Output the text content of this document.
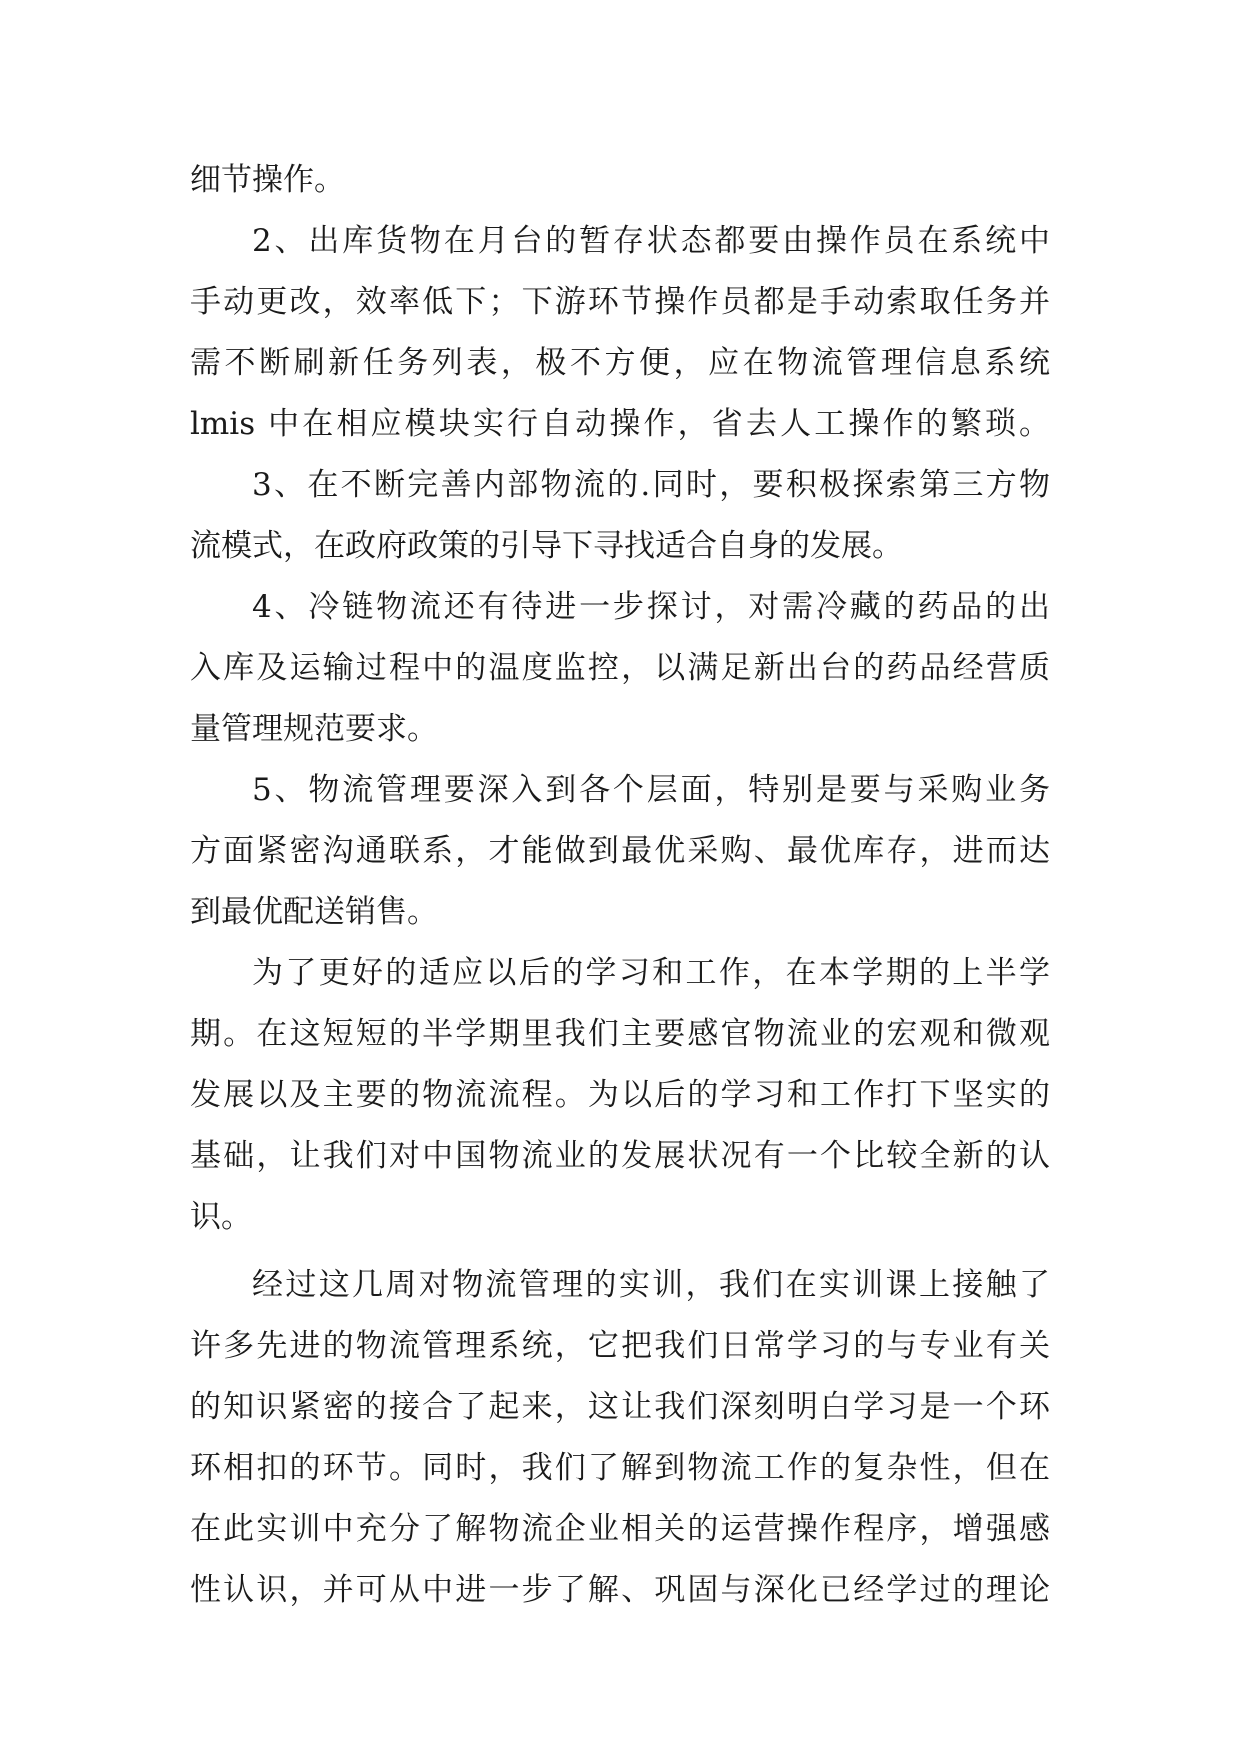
细节操作。
2、出库货物在月台的暂存状态都要由操作员在系统中
手动更改，效率低下；下游环节操作员都是手动索取任务并
需不断刷新任务列表，极不方便，应在物流管理信息系统
lmis 中在相应模块实行自动操作，省去人工操作的繁琐。
3、在不断完善内部物流的.同时，要积极探索第三方物
流模式，在政府政策的引导下寻找适合自身的发展。
4、冷链物流还有待进一步探讨，对需冷藏的药品的出
入库及运输过程中的温度监控，以满足新出台的药品经营质
量管理规范要求。
5、物流管理要深入到各个层面，特别是要与采购业务
方面紧密沟通联系，才能做到最优采购、最优库存，进而达
到最优配送销售。
为了更好的适应以后的学习和工作，在本学期的上半学
期。在这短短的半学期里我们主要感官物流业的宏观和微观
发展以及主要的物流流程。为以后的学习和工作打下坚实的
基础，让我们对中国物流业的发展状况有一个比较全新的认
识。
经过这几周对物流管理的实训，我们在实训课上接触了
许多先进的物流管理系统，它把我们日常学习的与专业有关
的知识紧密的接合了起来，这让我们深刻明白学习是一个环
环相扣的环节。同时，我们了解到物流工作的复杂性，但在
在此实训中充分了解物流企业相关的运营操作程序，增强感
性认识，并可从中进一步了解、巩固与深化已经学过的理论
